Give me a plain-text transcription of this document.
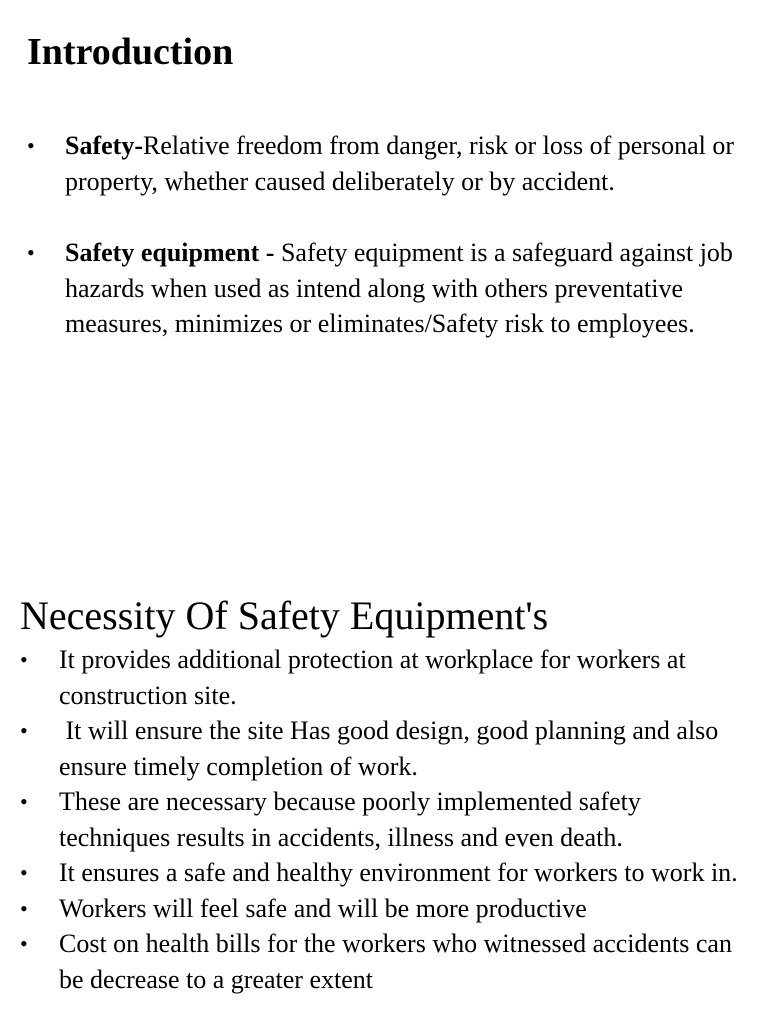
Introduction
• Safety-Relative freedom from danger, risk or loss of personal or property, whether caused deliberately or by accident.
• Safety equipment - Safety equipment is a safeguard against job hazards when used as intend along with others preventative measures, minimizes or eliminates/Safety risk to employees.
Necessity Of Safety Equipment's
• It provides additional protection at workplace for workers at construction site.
• It will ensure the site Has good design, good planning and also ensure timely completion of work.
• These are necessary because poorly implemented safety techniques results in accidents, illness and even death.
• It ensures a safe and healthy environment for workers to work in.
• Workers will feel safe and will be more productive
• Cost on health bills for the workers who witnessed accidents can be decrease to a greater extent
